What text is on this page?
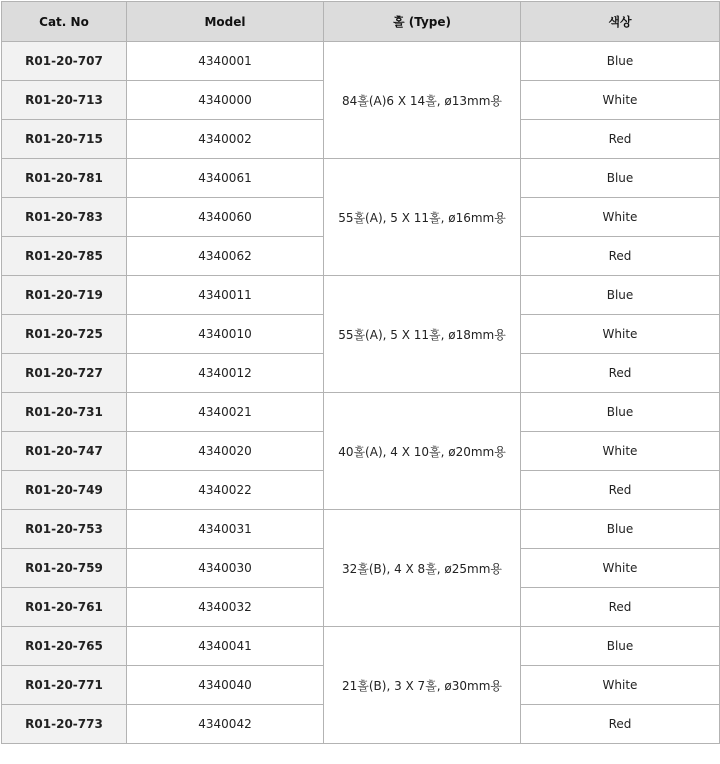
Cat. No	Model	홀 (Type)	색상
R01-20-707	4340001	84홀(A)6 X 14홀, ø13mm용	Blue
R01-20-713	4340000		White
R01-20-715	4340002		Red
R01-20-781	4340061	55홀(A), 5 X 11홀, ø16mm용	Blue
R01-20-783	4340060		White
R01-20-785	4340062		Red
R01-20-719	4340011	55홀(A), 5 X 11홀, ø18mm용	Blue
R01-20-725	4340010		White
R01-20-727	4340012		Red
R01-20-731	4340021	40홀(A), 4 X 10홀, ø20mm용	Blue
R01-20-747	4340020		White
R01-20-749	4340022		Red
R01-20-753	4340031	32홀(B), 4 X 8홀, ø25mm용	Blue
R01-20-759	4340030		White
R01-20-761	4340032		Red
R01-20-765	4340041	21홀(B), 3 X 7홀, ø30mm용	Blue
R01-20-771	4340040		White
R01-20-773	4340042		Red
